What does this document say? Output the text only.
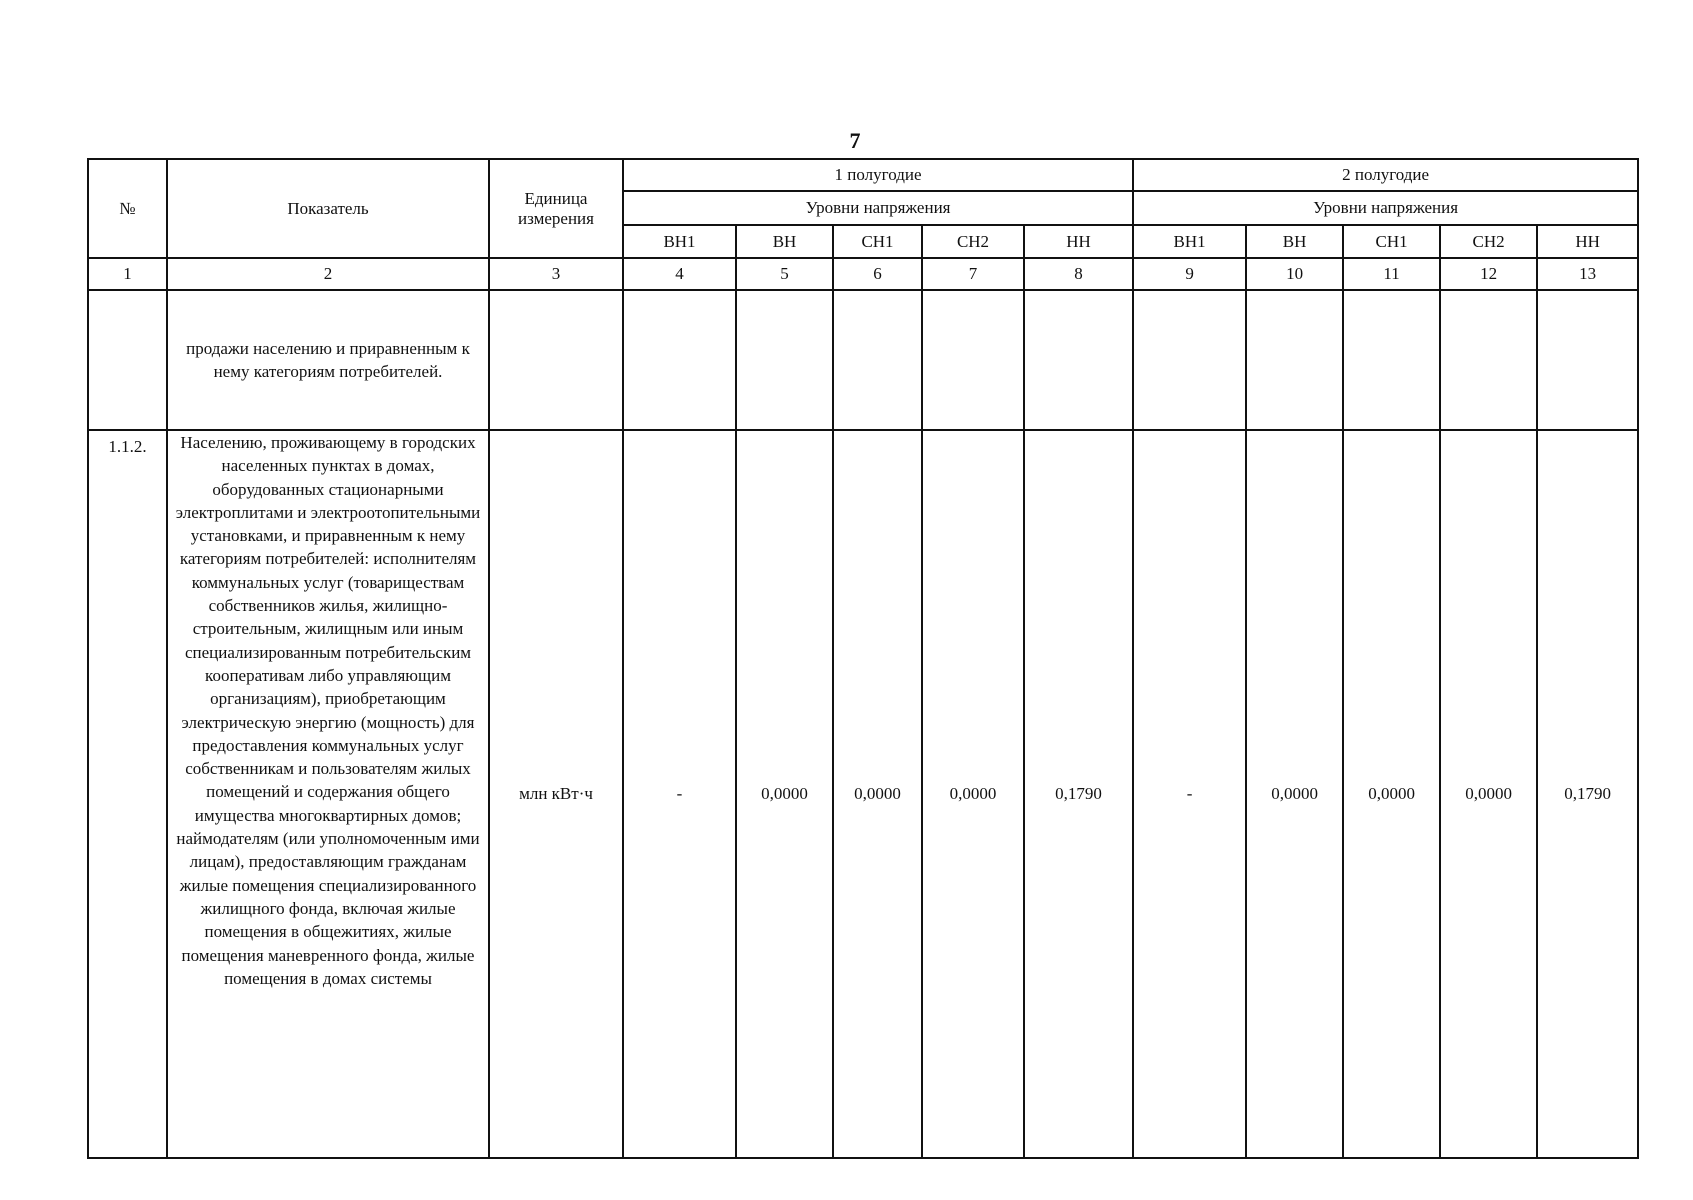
7
№	Показатель	Единица измерения	1 полугодие					2 полугодие				
			Уровни напряжения					Уровни напряжения				
			ВН1	ВН	СН1	СН2	НН	ВН1	ВН	СН1	СН2	НН
1	2	3	4	5	6	7	8	9	10	11	12	13
	продажи населению и приравненным к нему категориям потребителей.											
1.1.2.	Населению, проживающему в городских населенных пунктах в домах, оборудованных стационарными электроплитами и электроотопительными установками, и приравненным к нему категориям потребителей: исполнителям коммунальных услуг (товариществам собственников жилья, жилищно-строительным, жилищным или иным специализированным потребительским кооперативам либо управляющим организациям), приобретающим электрическую энергию (мощность) для предоставления коммунальных услуг собственникам и пользователям жилых помещений и содержания общего имущества многоквартирных домов; наймодателям (или уполномоченным ими лицам), предоставляющим гражданам жилые помещения специализированного жилищного фонда, включая жилые помещения в общежитиях, жилые помещения маневренного фонда, жилые помещения в домах системы	млн кВт·ч	-	0,0000	0,0000	0,0000	0,1790	-	0,0000	0,0000	0,0000	0,1790
